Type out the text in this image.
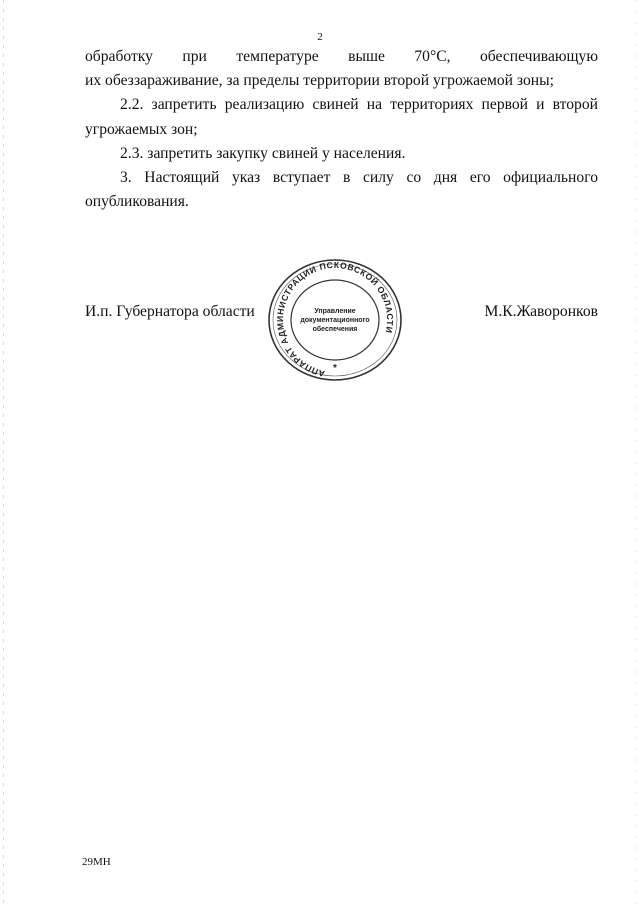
2

обработку при температуре выше 70°С, обеспечивающую

их обеззараживание, за пределы территории второй угрожаемой зоны;

2.2. запретить реализацию свиней на территориях первой и второй угрожаемых зон;

2.3. запретить закупку свиней у населения.

3. Настоящий указ вступает в силу со дня его официального опубликования.

И.п. Губернатора области	М.К.Жаворонков
АППАРАТ АДМИНИСТРАЦИИ ПСКОВСКОЙ ОБЛАСТИ
Управление
документационного
обеспечения
*
29МН
